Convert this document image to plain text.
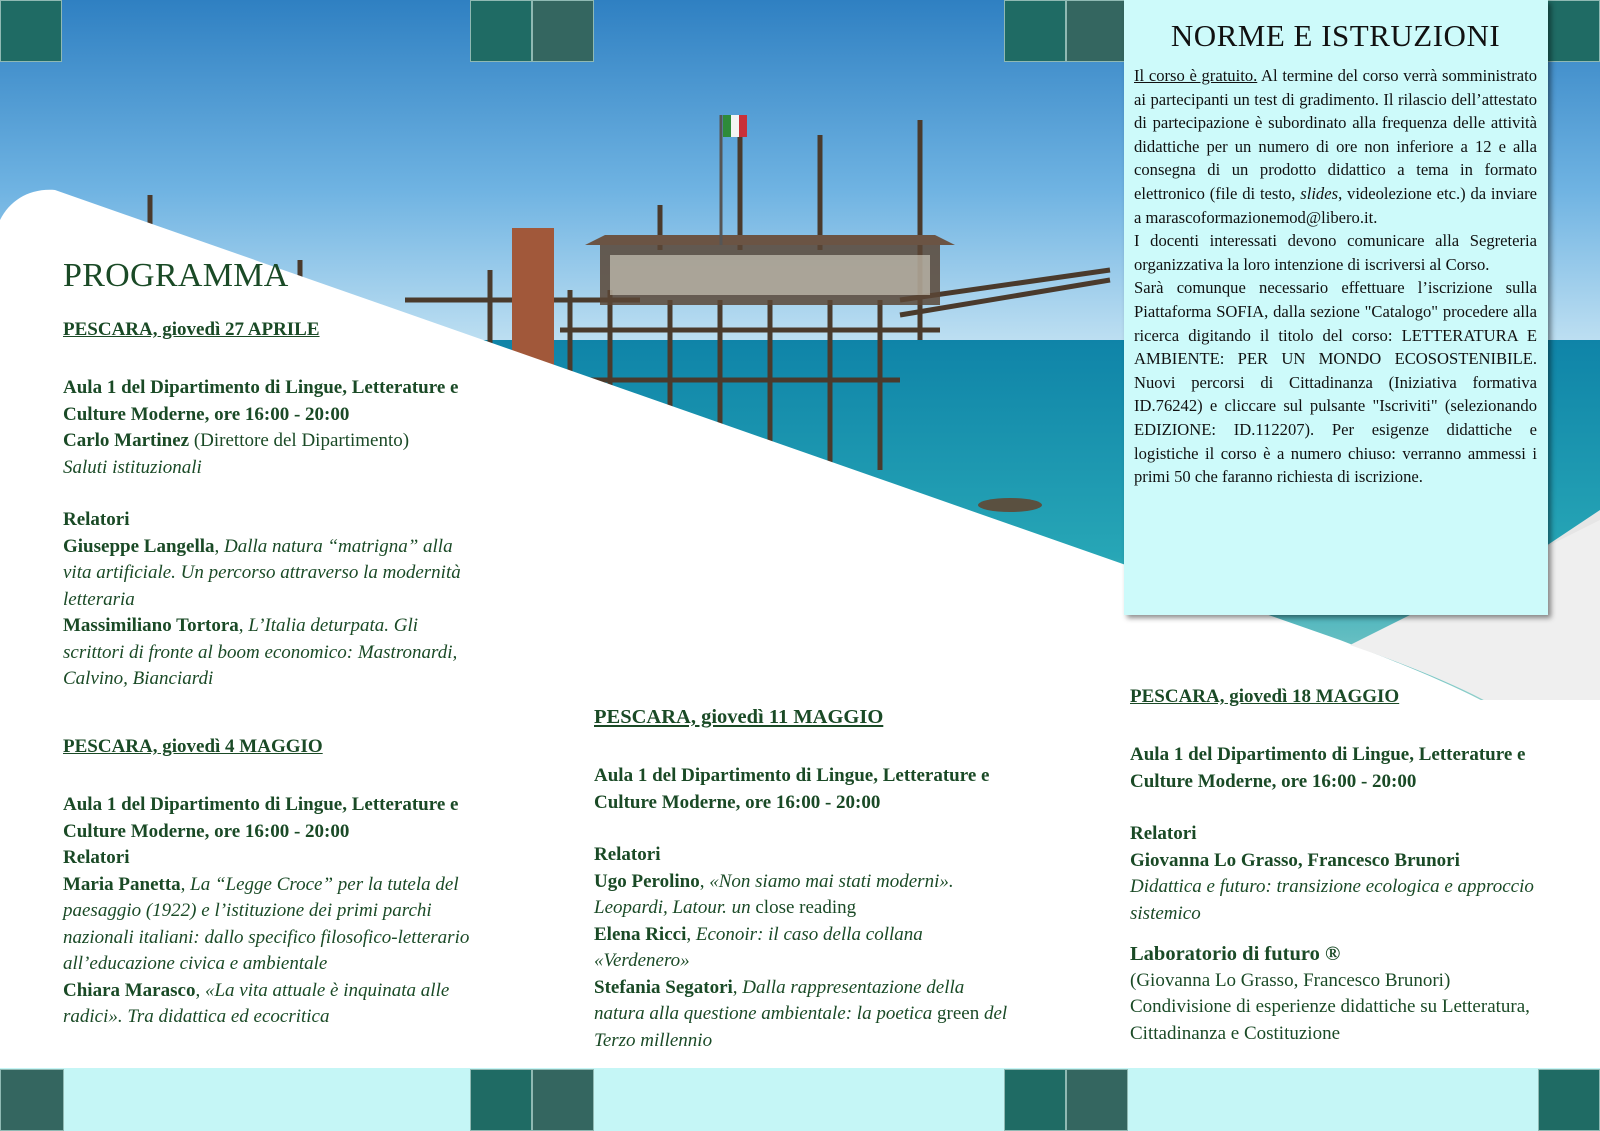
NORME E ISTRUZIONI

Il corso è gratuito. Al termine del corso verrà somministrato ai partecipanti un test di gradimento. Il rilascio dell’attestato di partecipazione è subordinato alla frequenza delle attività didattiche per un numero di ore non inferiore a 12 e alla consegna di un prodotto didattico a tema in formato elettronico (file di testo, slides, videolezione etc.) da inviare a marascoformazionemod@libero.it.

I docenti interessati devono comunicare alla Segreteria organizzativa la loro intenzione di iscriversi al Corso.

Sarà comunque necessario effettuare l’iscrizione sulla Piattaforma SOFIA, dalla sezione "Catalogo" procedere alla ricerca digitando il titolo del corso: LETTERATURA E AMBIENTE: PER UN MONDO ECOSOSTENIBILE. Nuovi percorsi di Cittadinanza (Iniziativa formativa ID.76242) e cliccare sul pulsante "Iscriviti" (selezionando EDIZIONE: ID.112207). Per esigenze didattiche e logistiche il corso è a numero chiuso: verranno ammessi i primi 50 che faranno richiesta di iscrizione.

PROGRAMMA
PESCARA, giovedì 27 APRILE
Aula 1 del Dipartimento di Lingue, Letterature e Culture Moderne, ore 16:00 - 20:00
Carlo Martinez (Direttore del Dipartimento)
Saluti istituzionali
Relatori
Giuseppe Langella, Dalla natura “matrigna” alla vita artificiale. Un percorso attraverso la modernità letteraria
Massimiliano Tortora, L’Italia deturpata. Gli scrittori di fronte al boom economico: Mastronardi, Calvino, Bianciardi
PESCARA, giovedì 4 MAGGIO
Aula 1 del Dipartimento di Lingue, Letterature e Culture Moderne, ore 16:00 - 20:00
Relatori
Maria Panetta, La “Legge Croce” per la tutela del paesaggio (1922) e l’istituzione dei primi parchi nazionali italiani: dallo specifico filosofico-letterario all’educazione civica e ambientale
Chiara Marasco, «La vita attuale è inquinata alle radici». Tra didattica ed ecocritica
PESCARA, giovedì 11 MAGGIO
Aula 1 del Dipartimento di Lingue, Letterature e Culture Moderne, ore 16:00 - 20:00
Relatori
Ugo Perolino, «Non siamo mai stati moderni». Leopardi, Latour. un close reading
Elena Ricci, Econoir: il caso della collana «Verdenero»
Stefania Segatori, Dalla rappresentazione della natura alla questione ambientale: la poetica green del Terzo millennio
PESCARA, giovedì 18 MAGGIO
Aula 1 del Dipartimento di Lingue, Letterature e Culture Moderne, ore 16:00 - 20:00
Relatori
Giovanna Lo Grasso, Francesco Brunori
Didattica e futuro: transizione ecologica e approccio sistemico
Laboratorio di futuro ®
(Giovanna Lo Grasso, Francesco Brunori)
Condivisione di esperienze didattiche su Letteratura, Cittadinanza e Costituzione
